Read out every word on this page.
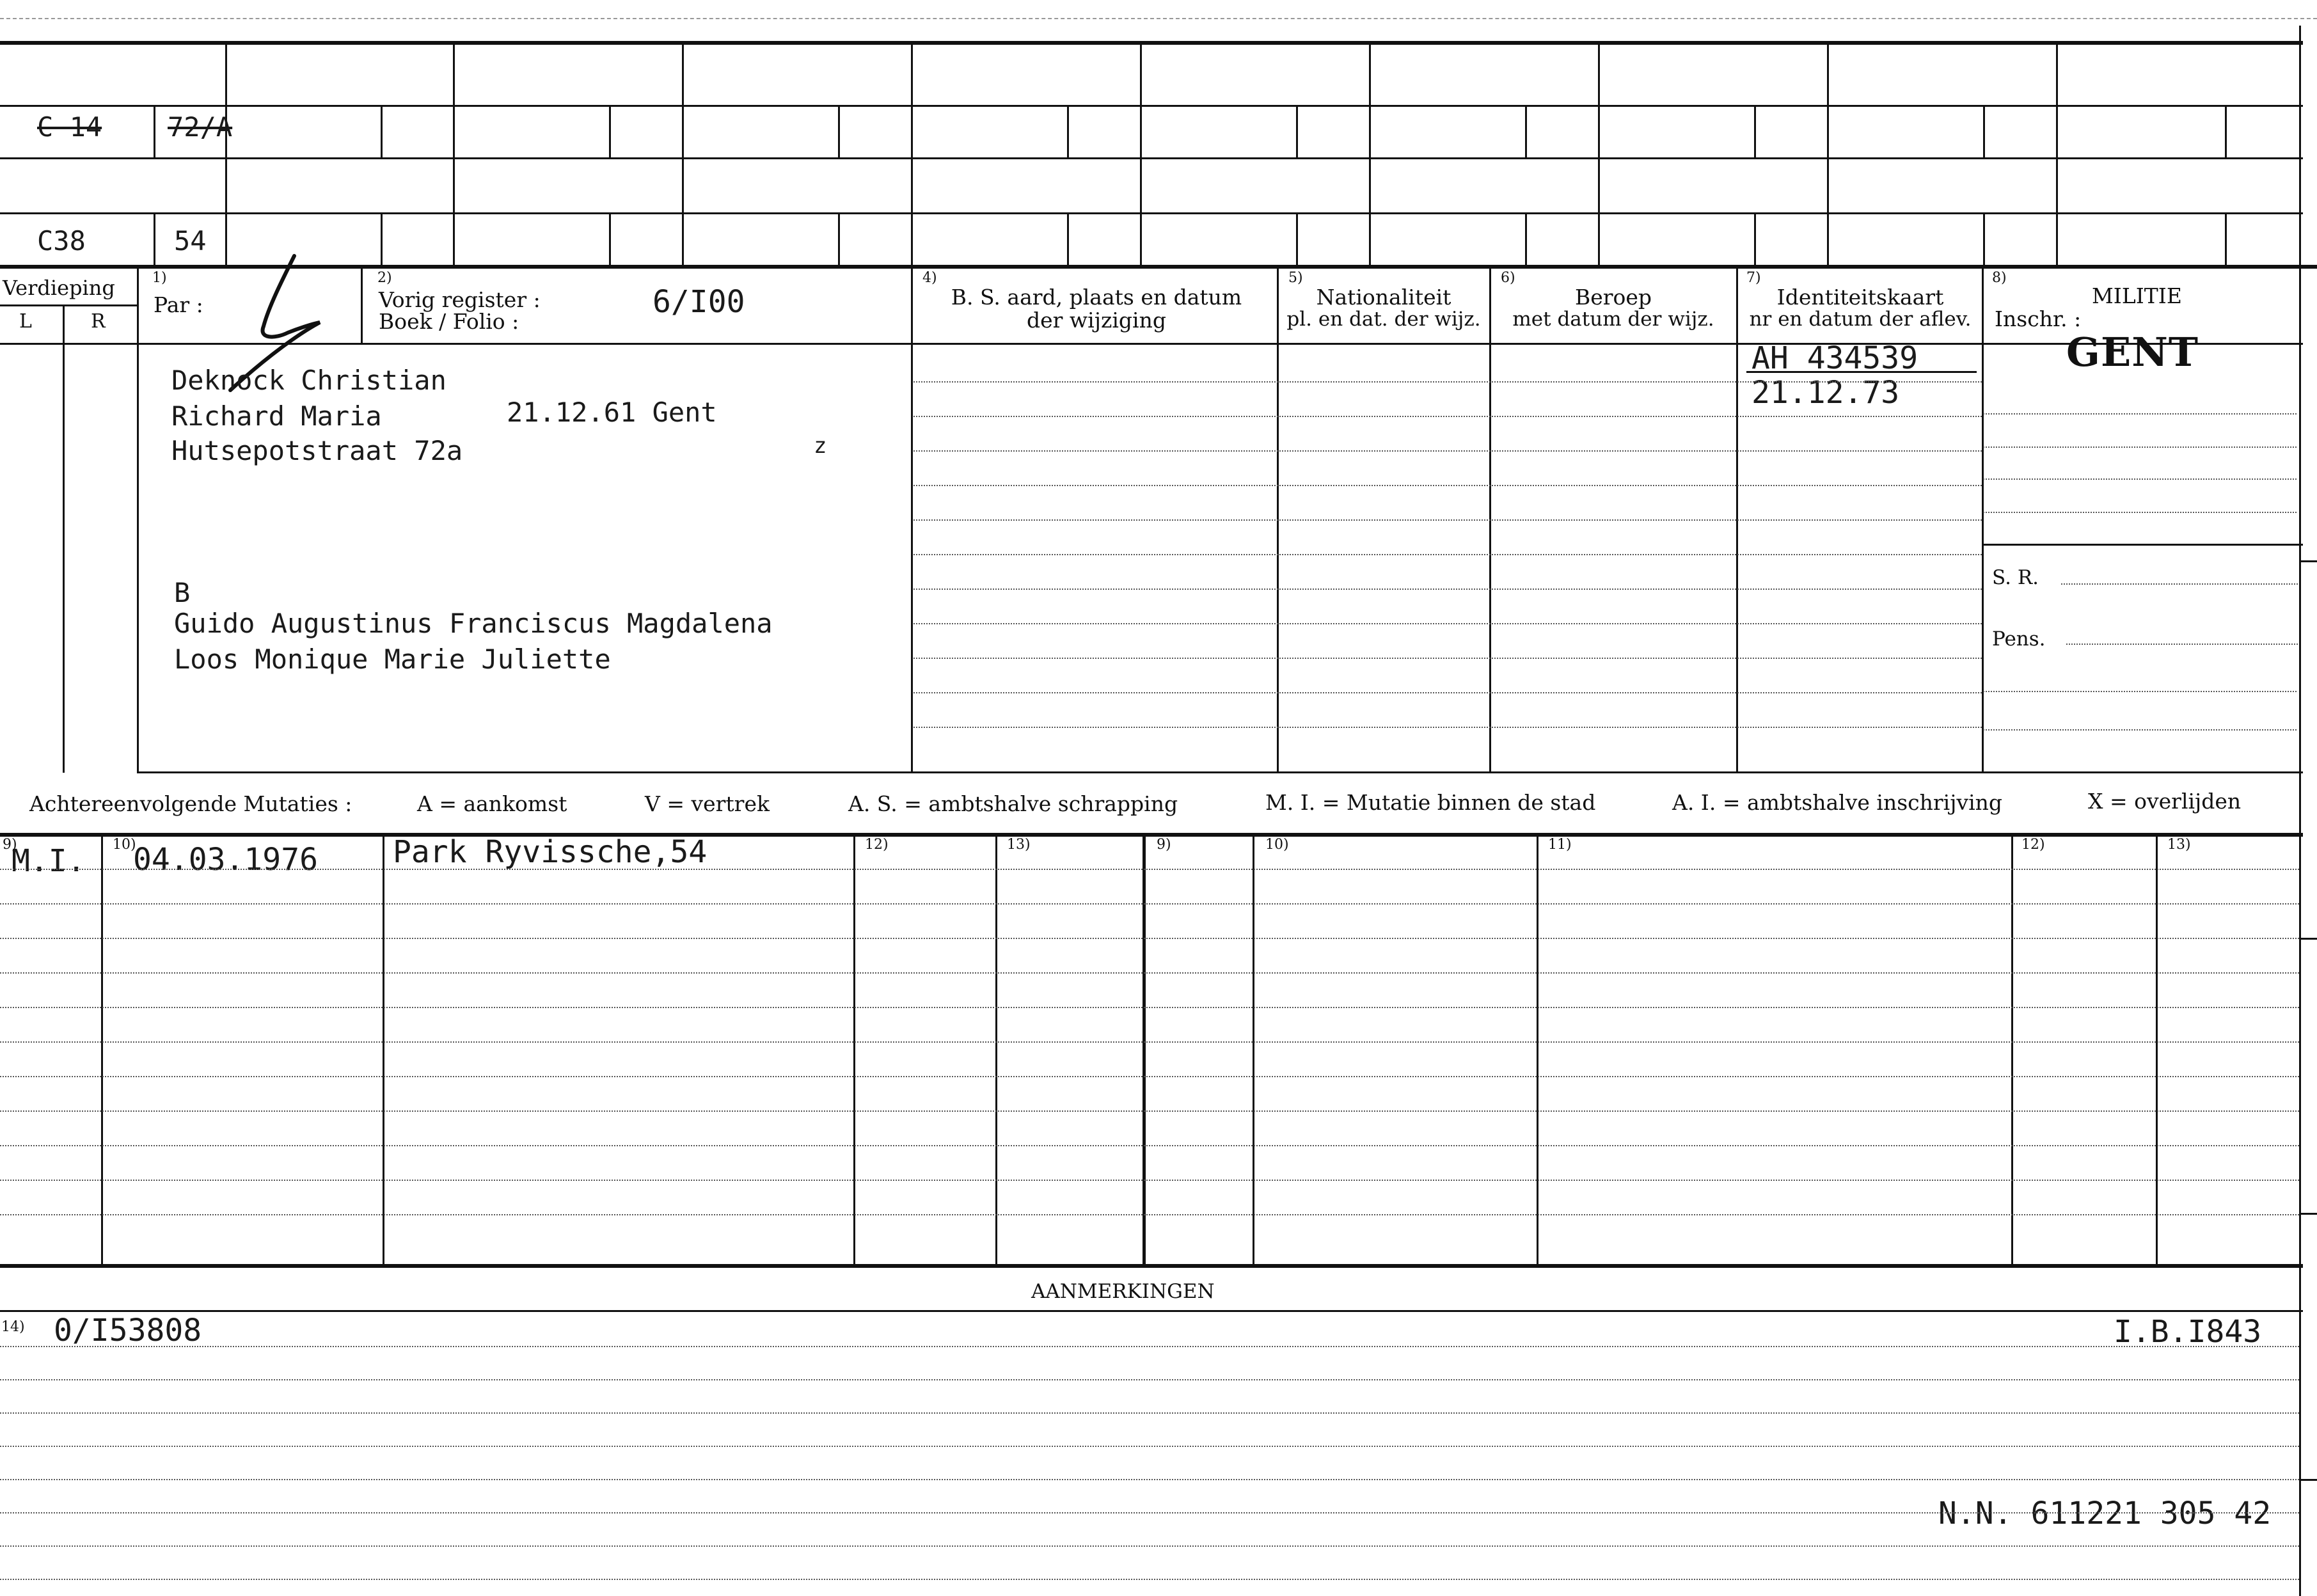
C 14 72/A
C38	54
Verdieping
L	R
1)
Par :
2)
Vorig register :
Boek / Folio :
6/I00
4)
B. S. aard, plaats en datum
der wijziging
5)
Nationaliteit
pl. en dat. der wijz.
6)
Beroep
met datum der wijz.
7)
Identiteitskaart
nr en datum der aflev.
8)
MILITIE
Inschr. :
GENT
Deknock Christian
Richard Maria	21.12.61 Gent
Hutsepotstraat 72a	z
B
Guido Augustinus Franciscus Magdalena
Loos Monique Marie Juliette
AH 434539
21.12.73
S. R.
Pens.
Achtereenvolgende Mutaties :	A = aankomst	V = vertrek	A. S. = ambtshalve schrapping	M. I. = Mutatie binnen de stad	A. I. = ambtshalve inschrijving	X = overlijden
9)	10)	12)	13)	9)	10)	11)	12)	13)
M.I. 04.03.1976 Park Ryvissche,54
AANMERKINGEN
14) 0/I53808	I.B.I843
N.N. 611221 305 42
